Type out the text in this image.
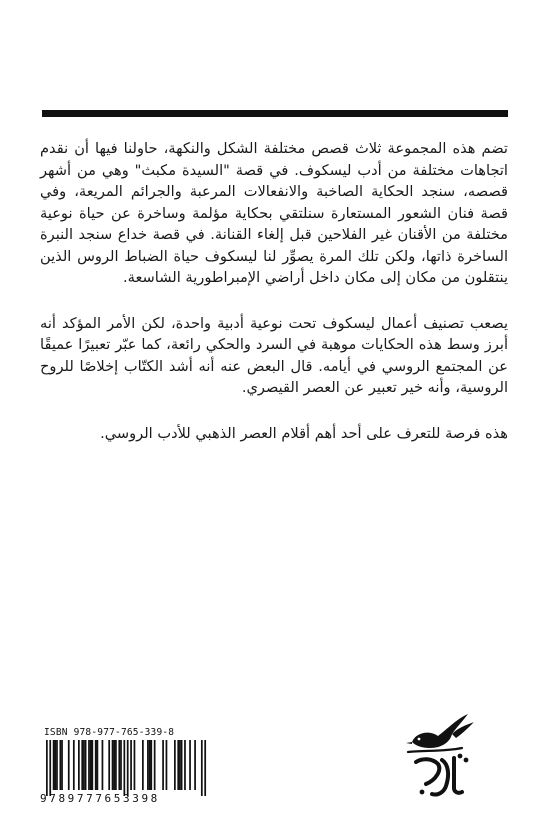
تضم هذه المجموعة ثلاث قصص مختلفة الشكل والنكهة، حاولنا فيها أن نقدم اتجاهات مختلفة من أدب ليسكوف. في قصة "السيدة مكبث" وهي من أشهر قصصه، سنجد الحكاية الصاخبة والانفعالات المرعبة والجرائم المريعة، وفي قصة فنان الشعور المستعارة سنلتقي بحكاية مؤلمة وساخرة عن حياة نوعية مختلفة من الأقنان غير الفلاحين قبل إلغاء القنانة. في قصة خداع سنجد النبرة الساخرة ذاتها، ولكن تلك المرة يصوِّر لنا ليسكوف حياة الضباط الروس الذين ينتقلون من مكان إلى مكان داخل أراضي الإمبراطورية الشاسعة.

يصعب تصنيف أعمال ليسكوف تحت نوعية أدبية واحدة، لكن الأمر المؤكد أنه أبرز وسط هذه الحكايات موهبة في السرد والحكي رائعة، كما عبّر تعبيرًا عميقًا عن المجتمع الروسي في أيامه. قال البعض عنه أنه أشد الكتّاب إخلاصًا للروح الروسية، وأنه خير تعبير عن العصر القيصري.

هذه فرصة للتعرف على أحد أهم أقلام العصر الذهبي للأدب الروسي.

ISBN 978-977-765-339-8
9789777653398	آفاق
